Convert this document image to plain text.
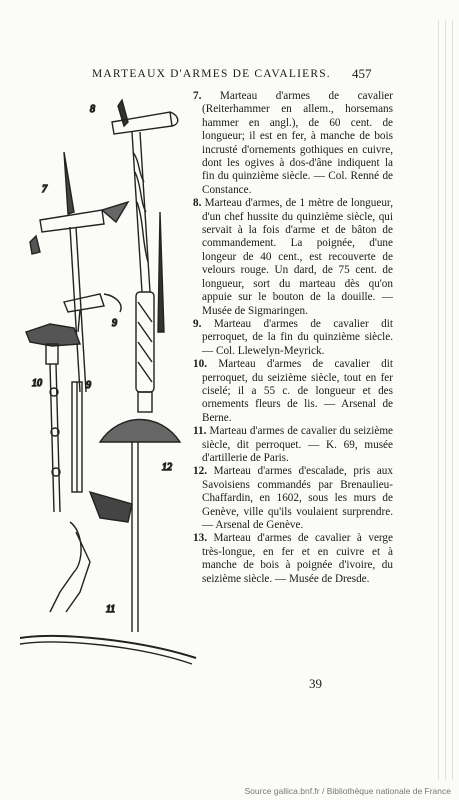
MARTEAUX D'ARMES DE CAVALIERS. 457
8
7
9
10	9
12
11

7. Marteau d'armes de cavalier (Reiterhammer en allem., horsemans hammer en angl.), de 60 cent. de longueur; il est en fer, à manche de bois incrusté d'ornements gothiques en cuivre, dont les ogives à dos-d'âne indiquent la fin du quinzième siècle. — Col. Renné de Constance.

8. Marteau d'armes, de 1 mètre de longueur, d'un chef hussite du quinzième siècle, qui servait à la fois d'arme et de bâton de commandement. La poignée, d'une longeur de 40 cent., est recouverte de velours rouge. Un dard, de 75 cent. de longueur, sort du marteau dès qu'on appuie sur le bouton de la douille. — Musée de Sigmaringen.

9. Marteau d'armes de cavalier dit perroquet, de la fin du quinzième siècle. — Col. Llewelyn-Meyrick.

10. Marteau d'armes de cavalier dit perroquet, du seizième siècle, tout en fer ciselé; il a 55 c. de longueur et des ornements fleurs de lis. — Arsenal de Berne.

11. Marteau d'armes de cavalier du seizième siècle, dit perroquet. — K. 69, musée d'artillerie de Paris.

12. Marteau d'armes d'escalade, pris aux Savoisiens commandés par Brenaulieu-Chaffardin, en 1602, sous les murs de Genève, ville qu'ils voulaient surprendre. — Arsenal de Genève.

13. Marteau d'armes de cavalier à verge très-longue, en fer et en cuivre et à manche de bois à poignée d'ivoire, du seizième siècle. — Musée de Dresde.

39
Source gallica.bnf.fr / Bibliothèque nationale de France
